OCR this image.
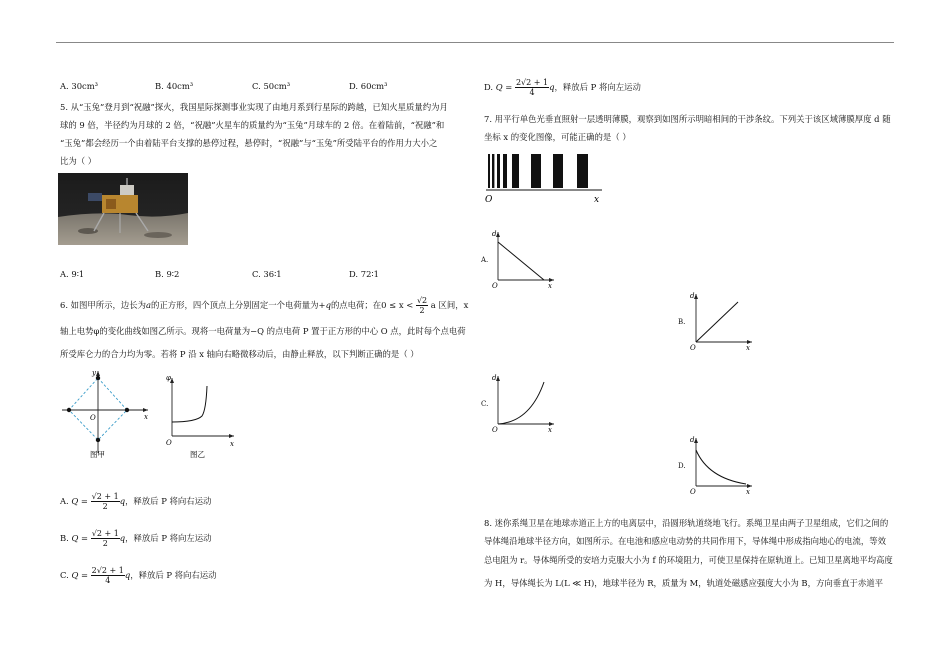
A. 30cm³	B. 40cm³	C. 50cm³	D. 60cm³
5. 从“玉兔”登月到“祝融”探火，我国星际探测事业实现了由地月系到行星际的跨越，已知火星质量约为月
球的 9 倍，半径约为月球的 2 倍，“祝融”火星车的质量约为“玉兔”月球车的 2 倍。在着陆前，“祝融”和
“玉兔”都会经历一个由着陆平台支撑的悬停过程，悬停时，“祝融”与“玉兔”所受陆平台的作用力大小之
比为（ ）
A. 9∶1	B. 9∶2	C. 36∶1	D. 72∶1
6. 如图甲所示，边长为a的正方形，四个顶点上分别固定一个电荷量为+q的点电荷；在$0 \le x < \frac{√2}{2}$ a 区间，x
轴上电势φ的变化曲线如图乙所示。现将一电荷量为−Q 的点电荷 P 置于正方形的中心 O 点，此时每个点电荷
所受库仑力的合力均为零。若将 P 沿 x 轴向右略微移动后，由静止释放，以下判断正确的是（ ）
x
y
O
图甲
φ
x
O
图乙
A. $Q = \frac{√2 + 1}{2}$ q，释放后 P 将向右运动
B. $Q = \frac{√2 + 1}{2}$ q，释放后 P 将向左运动
C. $Q = \frac{2√2 + 1}{4}$ q，释放后 P 将向右运动
D. $Q = \frac{2√2 + 1}{4}$ q，释放后 P 将向左运动
7. 用平行单色光垂直照射一层透明薄膜，观察到如图所示明暗相间的干涉条纹。下列关于该区域薄膜厚度 d 随
坐标 x 的变化图像，可能正确的是（ ）
O	x
A.
d
O	x
B.
d
O	x
C.
d
O	x
D.
d
O	x
8. 迷你系绳卫星在地球赤道正上方的电离层中，沿圆形轨道绕地飞行。系绳卫星由两子卫星组成，它们之间的
导体绳沿地球半径方向，如图所示。在电池和感应电动势的共同作用下，导体绳中形成指向地心的电流，等效
总电阻为 r。导体绳所受的安培力克服大小为 f 的环境阻力，可使卫星保持在原轨道上。已知卫星离地平均高度
为 H，导体绳长为 L(L ≪ H)，地球半径为 R，质量为 M，轨道处磁感应强度大小为 B，方向垂直于赤道平
